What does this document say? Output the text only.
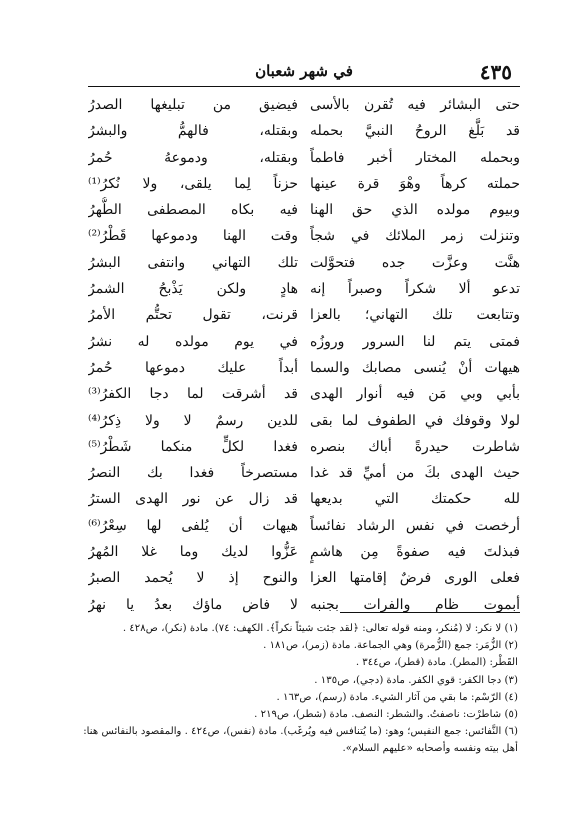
٤٣٥
في شهر شعبان
حتى البشائر فيه تُقرن بالأسى
قد بَلَّغ الروحُ النبيَّ بحمله
وبحمله المختار أخبر فاطماً
حملته كرهاً وهْوَ قرة عينها
وبيوم مولده الذي حق الهنا
وتنزلت زمر الملائك في شجاً
هنَّت وعزَّت جده فتحوَّلت
تدعو ألا شكراً وصبراً إنه
وتتابعت تلك التهاني؛ بالعزا
فمتى يتم لنا السرور وروزُه
هيهات أنْ يُنسى مصابك والسما
بأبي وبي مَن فيه أنوار الهدى
لولا وقوفك في الطفوف لما بقى
شاطرت حيدرةً أباك بنصره
حيث الهدى بكَ من أميِّ قد غدا
لله حكمتك التي بديعها
أرخصت في نفس الرشاد نفائساً
فبذلتَ فيه صفوةً مِن هاشمٍ
فعلى الورى فرضٌ إقامتها العزا
أبموت ظام والفرات بجنبه
فيضيق من تبليغها الصدرُ
وبقتله، فالهمُّ والبشرُ
وبقتله، ودموعهُ حُمرُ
حزناً لِما يلقى، ولا نُكرُ⁽¹⁾
فيه بكاه المصطفى الطُّهرُ
وقت الهنا ودموعها قَطْرُ⁽²⁾
تلك التهاني وانتفى البشرُ
هادٍ ولكن يَذْبحُ الشمرُ
قرنت، تقول تحتُّم الأمرُ
في يوم مولده له نشرُ
أبداً عليك دموعها حُمرُ
قد أشرقت لما دجا الكفرُ⁽³⁾
للدين رسمٌ لا ولا ذِكرُ⁽⁴⁾
فغدا لكلٍّ منكما شَطْرُ⁽⁵⁾
مستصرخاً فغدا بك النصرُ
قد زال عن نور الهدى السترُ
هيهات أن يُلفى لها سِعْرُ⁽⁶⁾
عَزُّوا لديك وما غلا المُهرُ
والنوح إذ لا يُحمد الصبرُ
لا فاض ماؤك بعدُ يا نهرُ
(١) لا نكر: لا (مُنكر، ومنه قوله تعالى: ﴿لقد جئت شيئاً نكراً﴾. الكهف: ٧٤). مادة (نكر)، ص٤٢٨ .
(٢) الزُّمَر: جمع (الزُّمرة) وهي الجماعة. مادة (زمر)، ص١٨١ .
القَطْر: (المطر). مادة (قطر)، ص٣٤٤ .
(٣) دجا الكفر: قوي الكفر. مادة (دجي)، ص١٣٥ .
(٤) الرّسْم: ما بقي من آثار الشيء. مادة (رسم)، ص١٦٣ .
(٥) شاطرْت: ناصفتُ. والشطر: النصف. مادة (شطر)، ص٢١٩ .
(٦) النَّفائس: جمع النفيس؛ وهو: (ما يُتنافس فيه ويُرغَب). مادة (نفس)، ص٤٢٤ . والمقصود بالنفائس هنا:
أهل بيته ونفسه وأصحابه «عليهم السلام».
